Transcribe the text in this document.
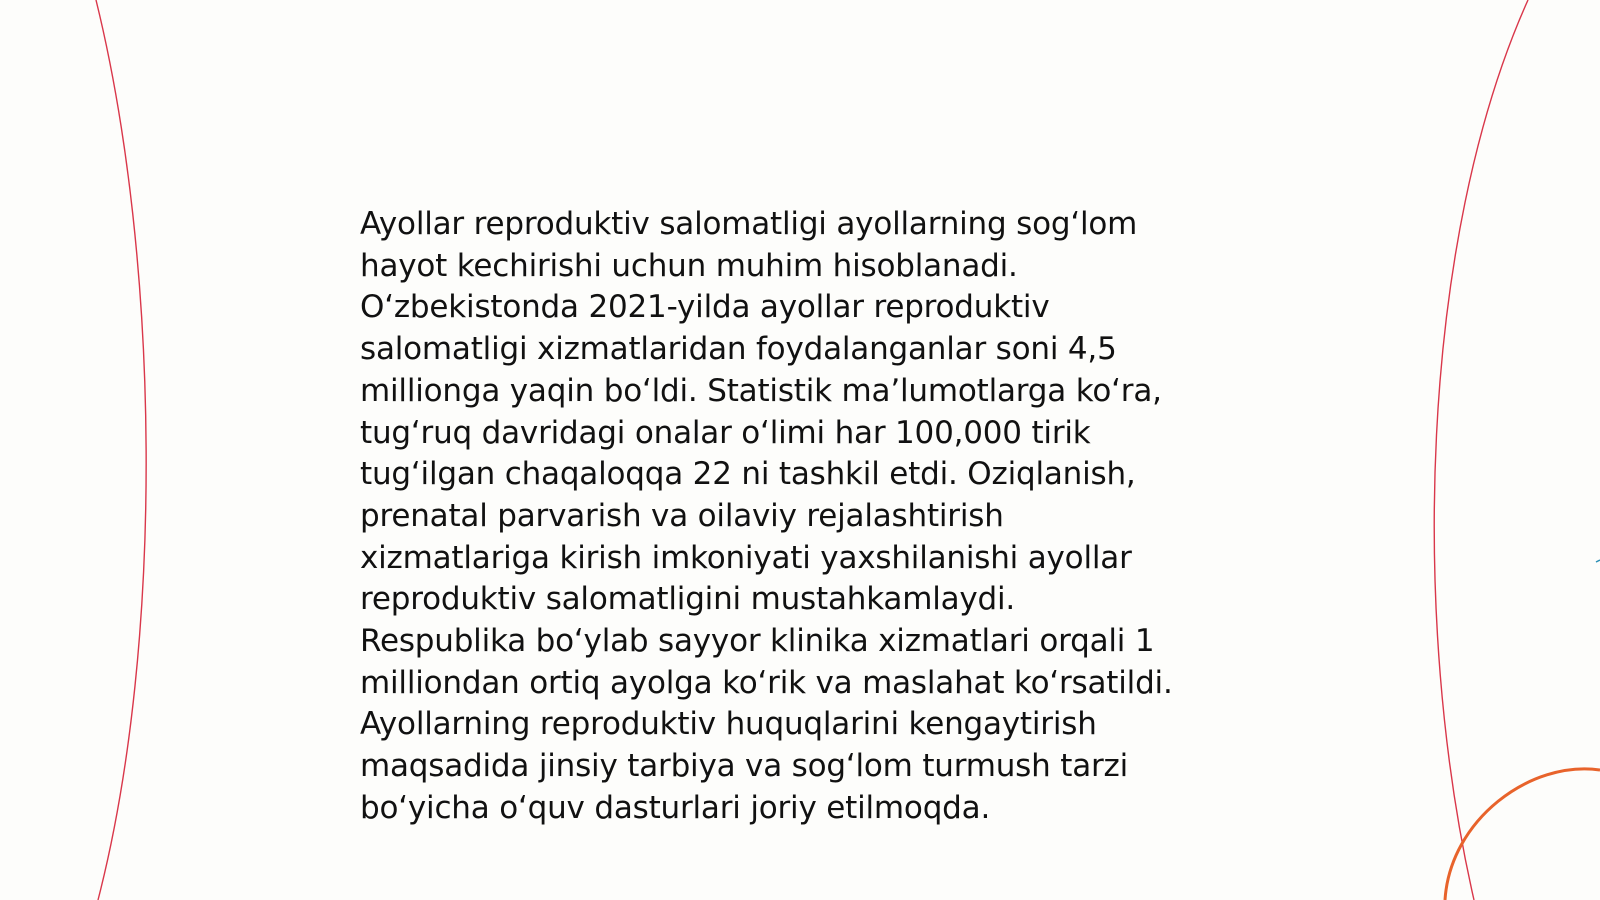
Ayollar reproduktiv salomatligi ayollarning sog‘lom
hayot kechirishi uchun muhim hisoblanadi.
O‘zbekistonda 2021-yilda ayollar reproduktiv
salomatligi xizmatlaridan foydalanganlar soni 4,5
millionga yaqin bo‘ldi. Statistik ma’lumotlarga ko‘ra,
tug‘ruq davridagi onalar o‘limi har 100,000 tirik
tug‘ilgan chaqaloqqa 22 ni tashkil etdi. Oziqlanish,
prenatal parvarish va oilaviy rejalashtirish
xizmatlariga kirish imkoniyati yaxshilanishi ayollar
reproduktiv salomatligini mustahkamlaydi.
Respublika bo‘ylab sayyor klinika xizmatlari orqali 1
milliondan ortiq ayolga ko‘rik va maslahat ko‘rsatildi.
Ayollarning reproduktiv huquqlarini kengaytirish
maqsadida jinsiy tarbiya va sog‘lom turmush tarzi
bo‘yicha o‘quv dasturlari joriy etilmoqda.
